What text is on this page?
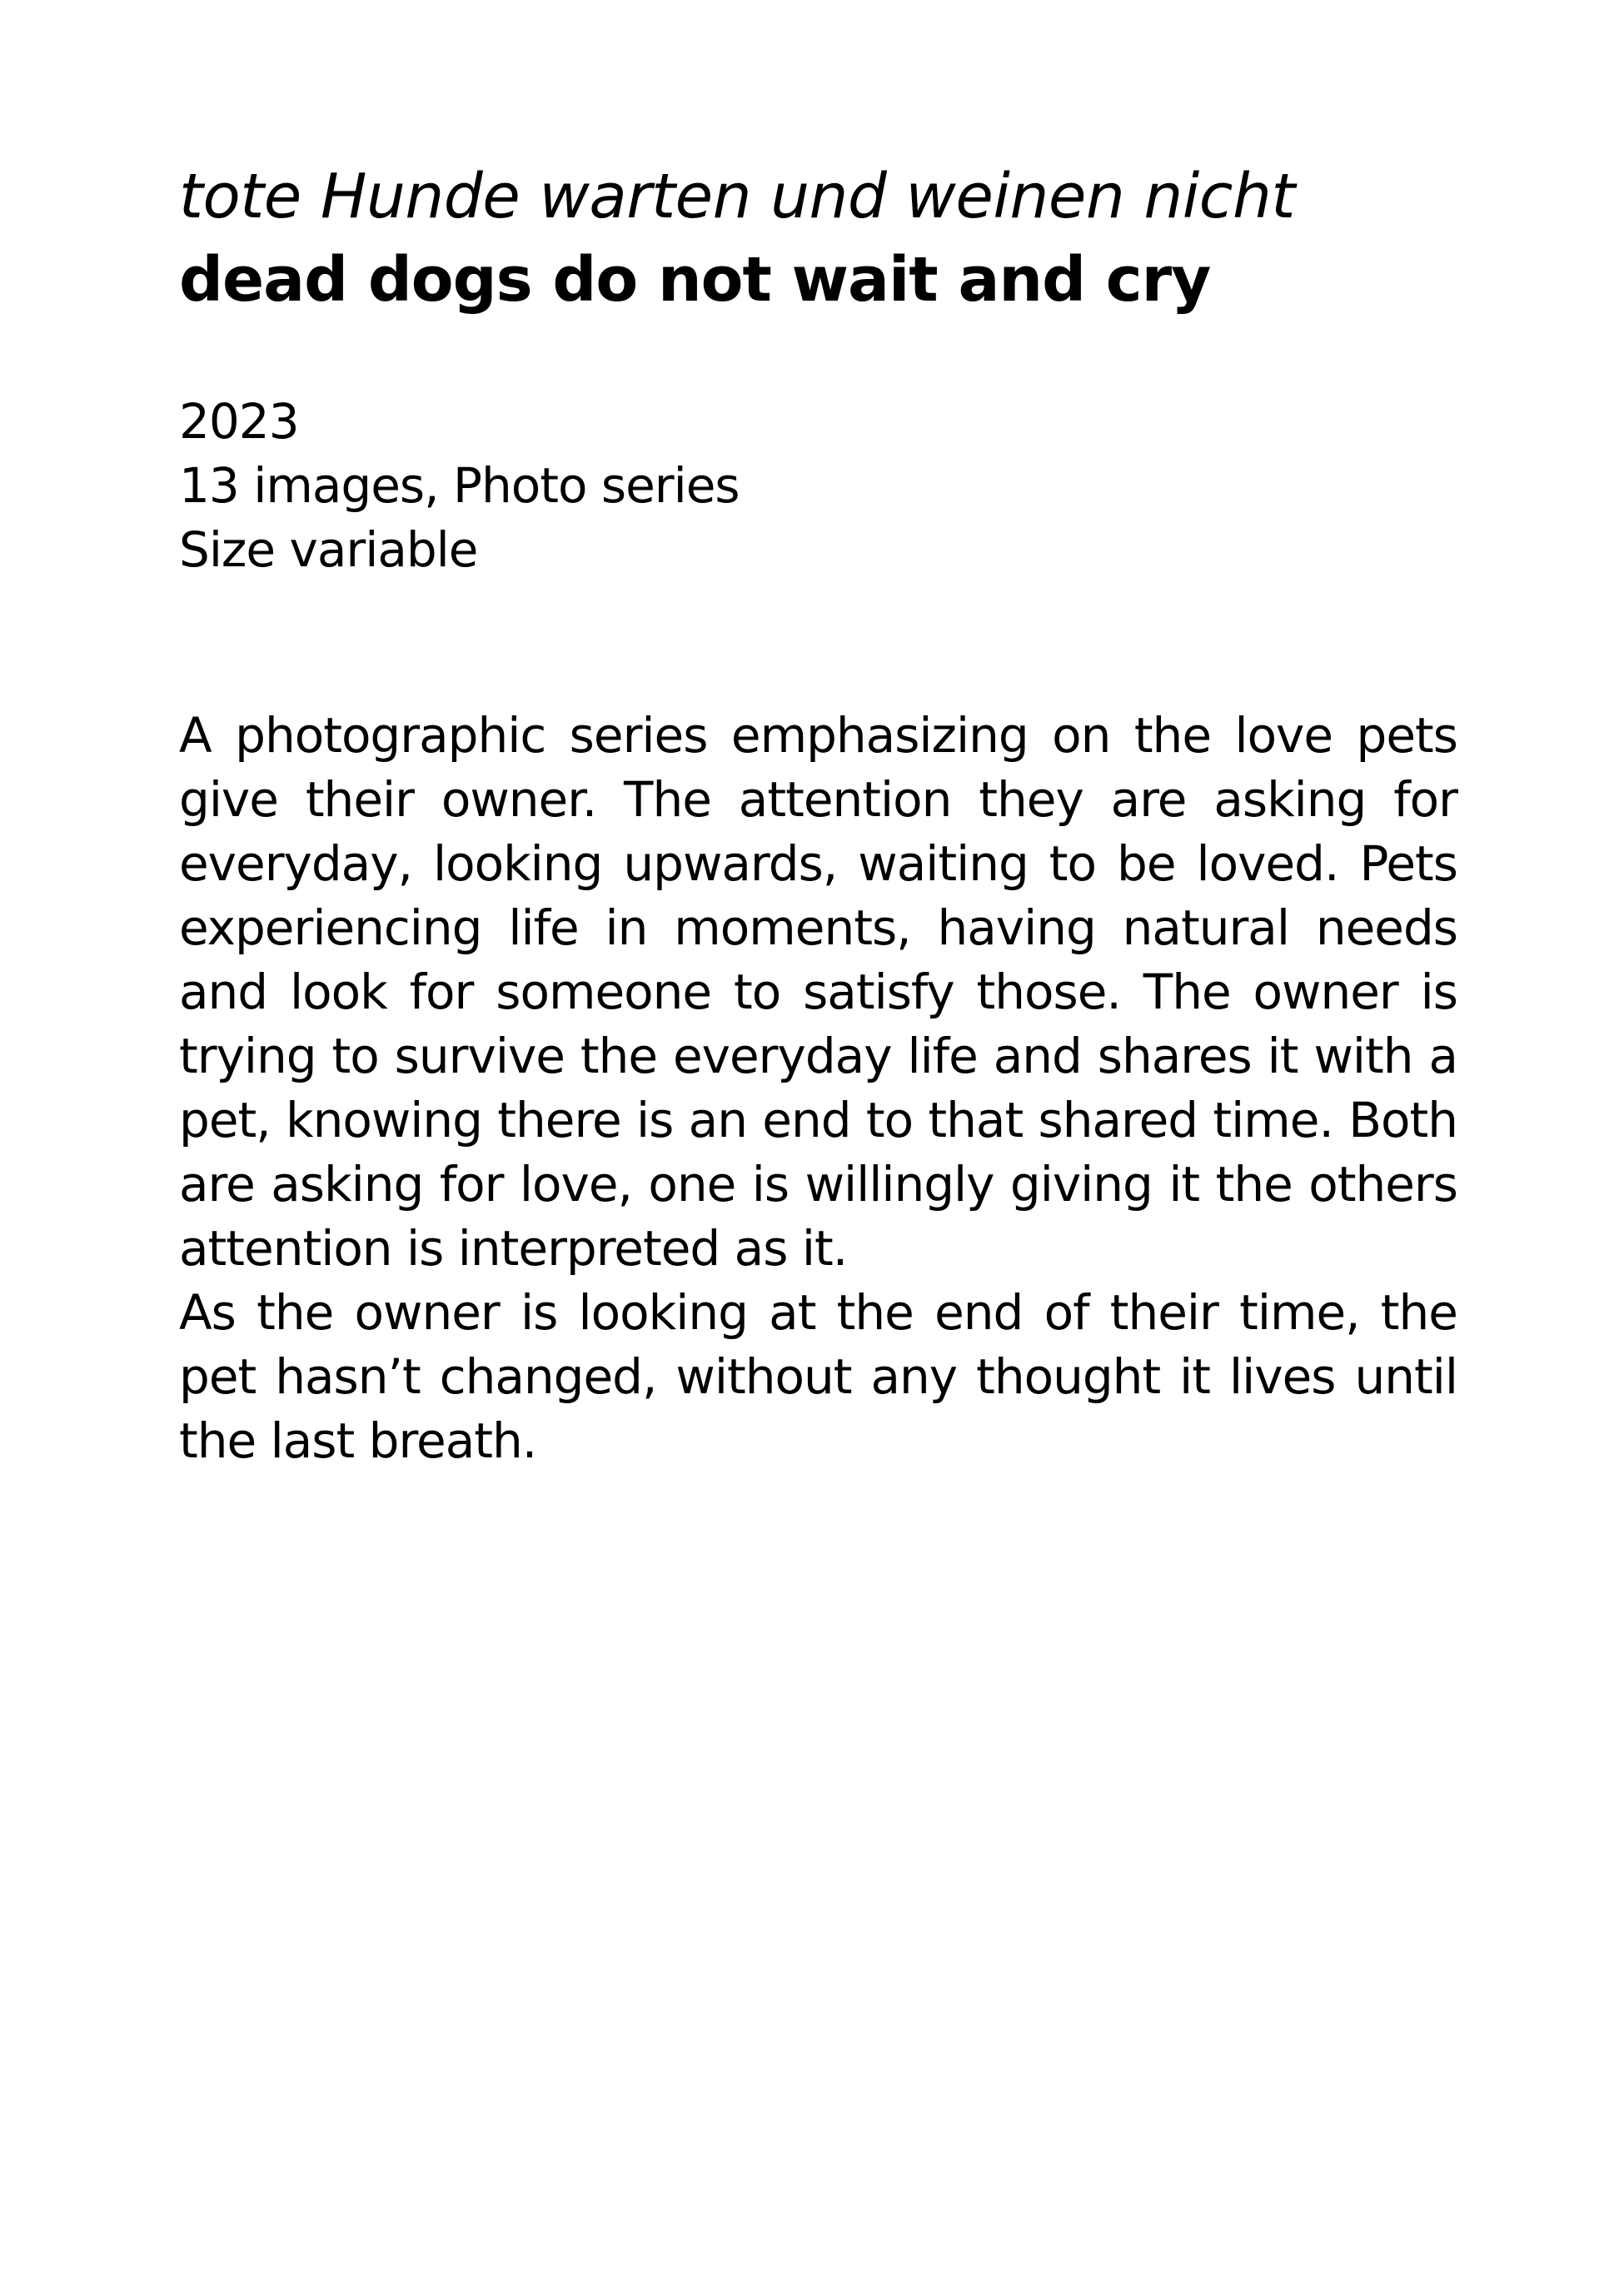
tote Hunde warten und weinen nicht
dead dogs do not wait and cry
2023
13 images, Photo series
Size variable

A photographic series emphasizing on the love pets give their owner. The attention they are asking for everyday, looking upwards, waiting to be loved. Pets experiencing life in moments, having natural needs and look for someone to satisfy those. The owner is trying to survive the everyday life and shares it with a pet, knowing there is an end to that shared time. Both are asking for love, one is willingly giving it the others attention is interpreted as it.

As the owner is looking at the end of their time, the pet hasn’t changed, without any thought it lives until the last breath.
